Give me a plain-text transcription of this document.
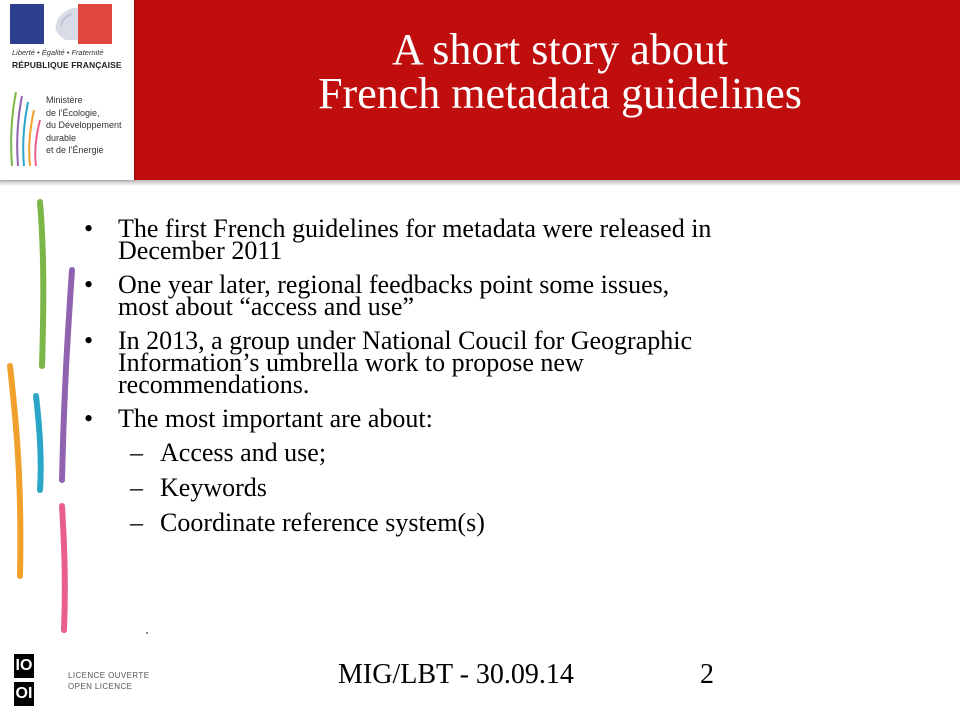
Liberté • Égalité • Fraternité
RÉPUBLIQUE FRANÇAISE
Ministère
de l’Écologie,
du Développement
durable
et de l’Énergie
A short story about
French metadata guidelines
• The first French guidelines for metadata were released in
December 2011
• One year later, regional feedbacks point some issues,
most about “access and use”
• In 2013, a group under National Coucil for Geographic
Information’s umbrella work to propose new
recommendations.
• The most important are about:
– Access and use;
– Keywords
– Coordinate reference system(s)
IO
OI
LICENCE OUVERTE
OPEN LICENCE	MIG/LBT - 30.09.14	2
